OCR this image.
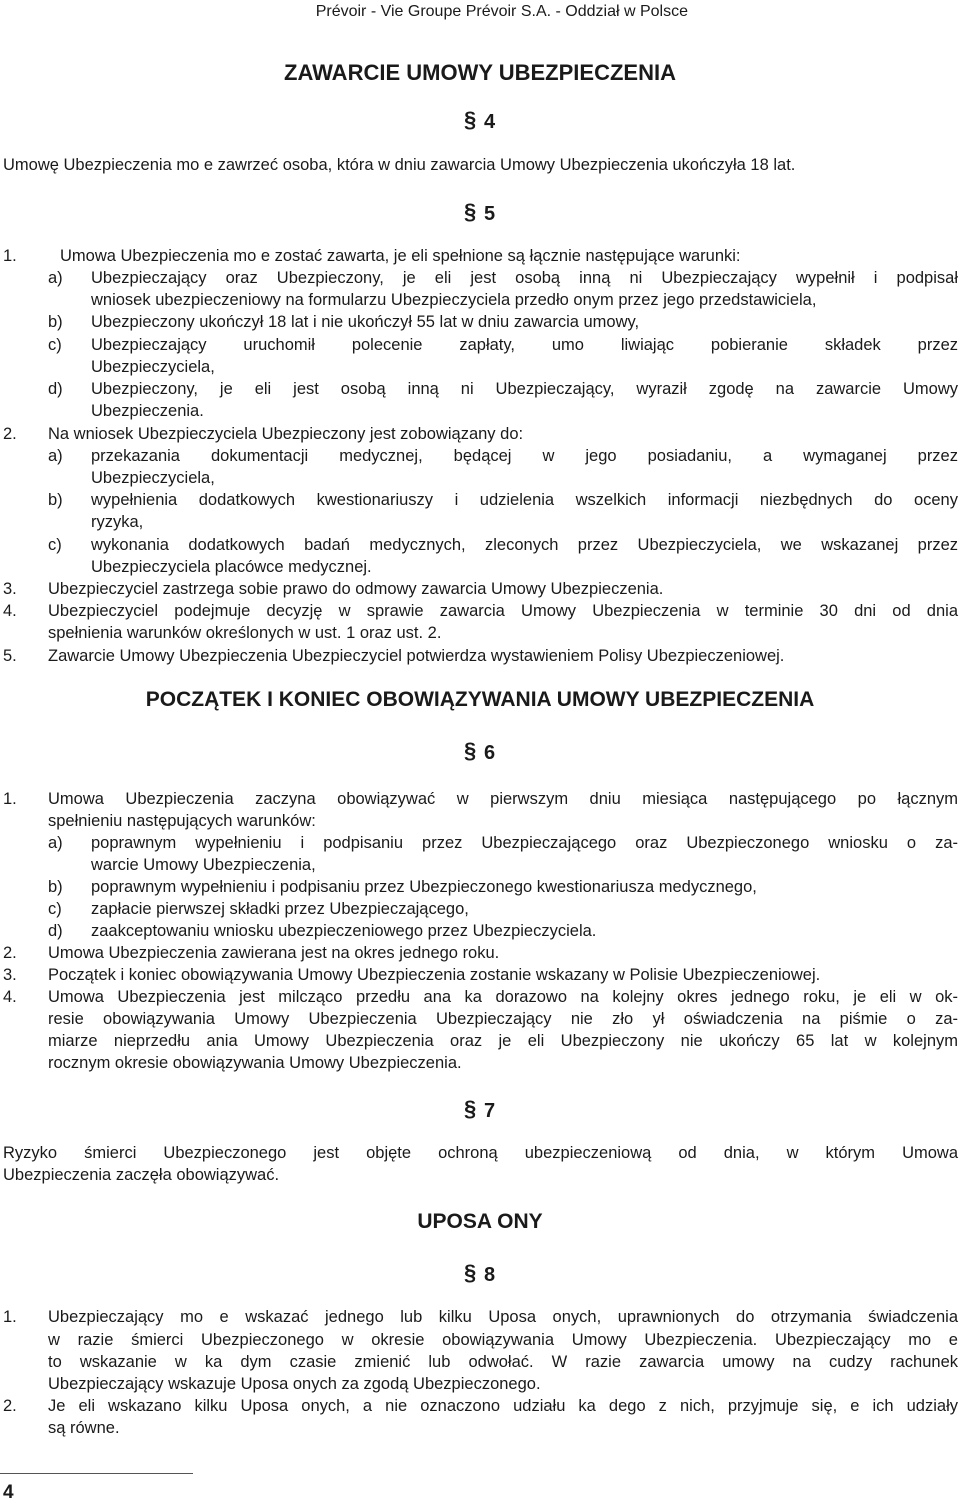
Prévoir - Vie Groupe Prévoir S.A. - Oddział w Polsce
ZAWARCIE UMOWY UBEZPIECZENIA
§ 4
Umowę Ubezpieczenia mo e zawrzeć osoba, która w dniu zawarcia Umowy Ubezpieczenia ukończyła 18 lat.
§ 5
1.	Umowa Ubezpieczenia mo e zostać zawarta, je eli spełnione są łącznie następujące warunki:
a) Ubezpieczający oraz Ubezpieczony, je eli jest osobą inną ni Ubezpieczający wypełnił i podpisał
wniosek ubezpieczeniowy na formularzu Ubezpieczyciela przedło onym przez jego przedstawiciela,
b) Ubezpieczony ukończył 18 lat i nie ukończył 55 lat w dniu zawarcia umowy,
c) Ubezpieczający uruchomił polecenie zapłaty, umo liwiając pobieranie składek przez
Ubezpieczyciela,
d) Ubezpieczony, je eli jest osobą inną ni Ubezpieczający, wyraził zgodę na zawarcie Umowy
Ubezpieczenia.
2. Na wniosek Ubezpieczyciela Ubezpieczony jest zobowiązany do:
a) przekazania dokumentacji medycznej, będącej w jego posiadaniu, a wymaganej przez
Ubezpieczyciela,
b) wypełnienia dodatkowych kwestionariuszy i udzielenia wszelkich informacji niezbędnych do oceny
ryzyka,
c) wykonania dodatkowych badań medycznych, zleconych przez Ubezpieczyciela, we wskazanej przez
Ubezpieczyciela placówce medycznej.
3. Ubezpieczyciel zastrzega sobie prawo do odmowy zawarcia Umowy Ubezpieczenia.
4. Ubezpieczyciel podejmuje decyzję w sprawie zawarcia Umowy Ubezpieczenia w terminie 30 dni od dnia
spełnienia warunków określonych w ust. 1 oraz ust. 2.
5. Zawarcie Umowy Ubezpieczenia Ubezpieczyciel potwierdza wystawieniem Polisy Ubezpieczeniowej.
POCZĄTEK I KONIEC OBOWIĄZYWANIA UMOWY UBEZPIECZENIA
§ 6
1. Umowa Ubezpieczenia zaczyna obowiązywać w pierwszym dniu miesiąca następującego po łącznym
spełnieniu następujących warunków:
a) poprawnym wypełnieniu i podpisaniu przez Ubezpieczającego oraz Ubezpieczonego wniosku o za-
warcie Umowy Ubezpieczenia,
b) poprawnym wypełnieniu i podpisaniu przez Ubezpieczonego kwestionariusza medycznego,
c) zapłacie pierwszej składki przez Ubezpieczającego,
d) zaakceptowaniu wniosku ubezpieczeniowego przez Ubezpieczyciela.
2. Umowa Ubezpieczenia zawierana jest na okres jednego roku.
3. Początek i koniec obowiązywania Umowy Ubezpieczenia zostanie wskazany w Polisie Ubezpieczeniowej.
4. Umowa Ubezpieczenia jest milcząco przedłu ana ka dorazowo na kolejny okres jednego roku, je eli w ok-
resie obowiązywania Umowy Ubezpieczenia Ubezpieczający nie zło ył oświadczenia na piśmie o za-
miarze nieprzedłu ania Umowy Ubezpieczenia oraz je eli Ubezpieczony nie ukończy 65 lat w kolejnym
rocznym okresie obowiązywania Umowy Ubezpieczenia.
§ 7
Ryzyko śmierci Ubezpieczonego jest objęte ochroną ubezpieczeniową od dnia, w którym Umowa
Ubezpieczenia zaczęła obowiązywać.
UPOSA ONY
§ 8
1. Ubezpieczający mo e wskazać jednego lub kilku Uposa onych, uprawnionych do otrzymania świadczenia
w razie śmierci Ubezpieczonego w okresie obowiązywania Umowy Ubezpieczenia. Ubezpieczający mo e
to wskazanie w ka dym czasie zmienić lub odwołać. W razie zawarcia umowy na cudzy rachunek
Ubezpieczający wskazuje Uposa onych za zgodą Ubezpieczonego.
2. Je eli wskazano kilku Uposa onych, a nie oznaczono udziału ka dego z nich, przyjmuje się, e ich udziały
są równe.
4
